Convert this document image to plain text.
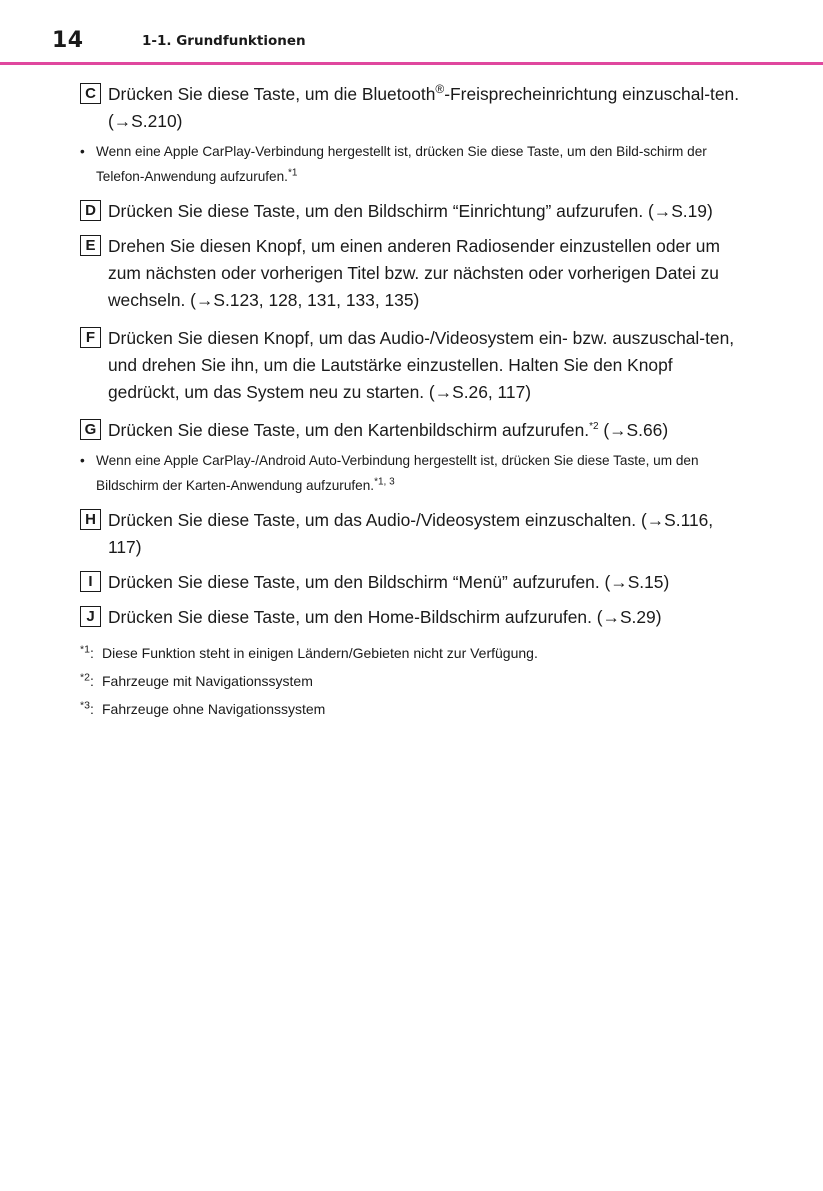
14	1-1. Grundfunktionen
C Drücken Sie diese Taste, um die Bluetooth®-Freisprecheinrichtung einzuschal-ten. (→S.210)
• Wenn eine Apple CarPlay-Verbindung hergestellt ist, drücken Sie diese Taste, um den Bild-schirm der Telefon-Anwendung aufzurufen.$^{*1}$
D Drücken Sie diese Taste, um den Bildschirm “Einrichtung” aufzurufen. (→S.19)
E Drehen Sie diesen Knopf, um einen anderen Radiosender einzustellen oder um zum nächsten oder vorherigen Titel bzw. zur nächsten oder vorherigen Datei zu wechseln. (→S.123, 128, 131, 133, 135)
F Drücken Sie diesen Knopf, um das Audio-/Videosystem ein- bzw. auszuschal-ten, und drehen Sie ihn, um die Lautstärke einzustellen. Halten Sie den Knopf gedrückt, um das System neu zu starten. (→S.26, 117)
G Drücken Sie diese Taste, um den Kartenbildschirm aufzurufen.$^{*2}$ (→S.66)
• Wenn eine Apple CarPlay-/Android Auto-Verbindung hergestellt ist, drücken Sie diese Taste, um den Bildschirm der Karten-Anwendung aufzurufen.$^{*1, 3}$
H Drücken Sie diese Taste, um das Audio-/Videosystem einzuschalten. (→S.116, 117)
I Drücken Sie diese Taste, um den Bildschirm “Menü” aufzurufen. (→S.15)
J Drücken Sie diese Taste, um den Home-Bildschirm aufzurufen. (→S.29)
$^{*1}$: Diese Funktion steht in einigen Ländern/Gebieten nicht zur Verfügung.
$^{*2}$: Fahrzeuge mit Navigationssystem
$^{*3}$: Fahrzeuge ohne Navigationssystem
